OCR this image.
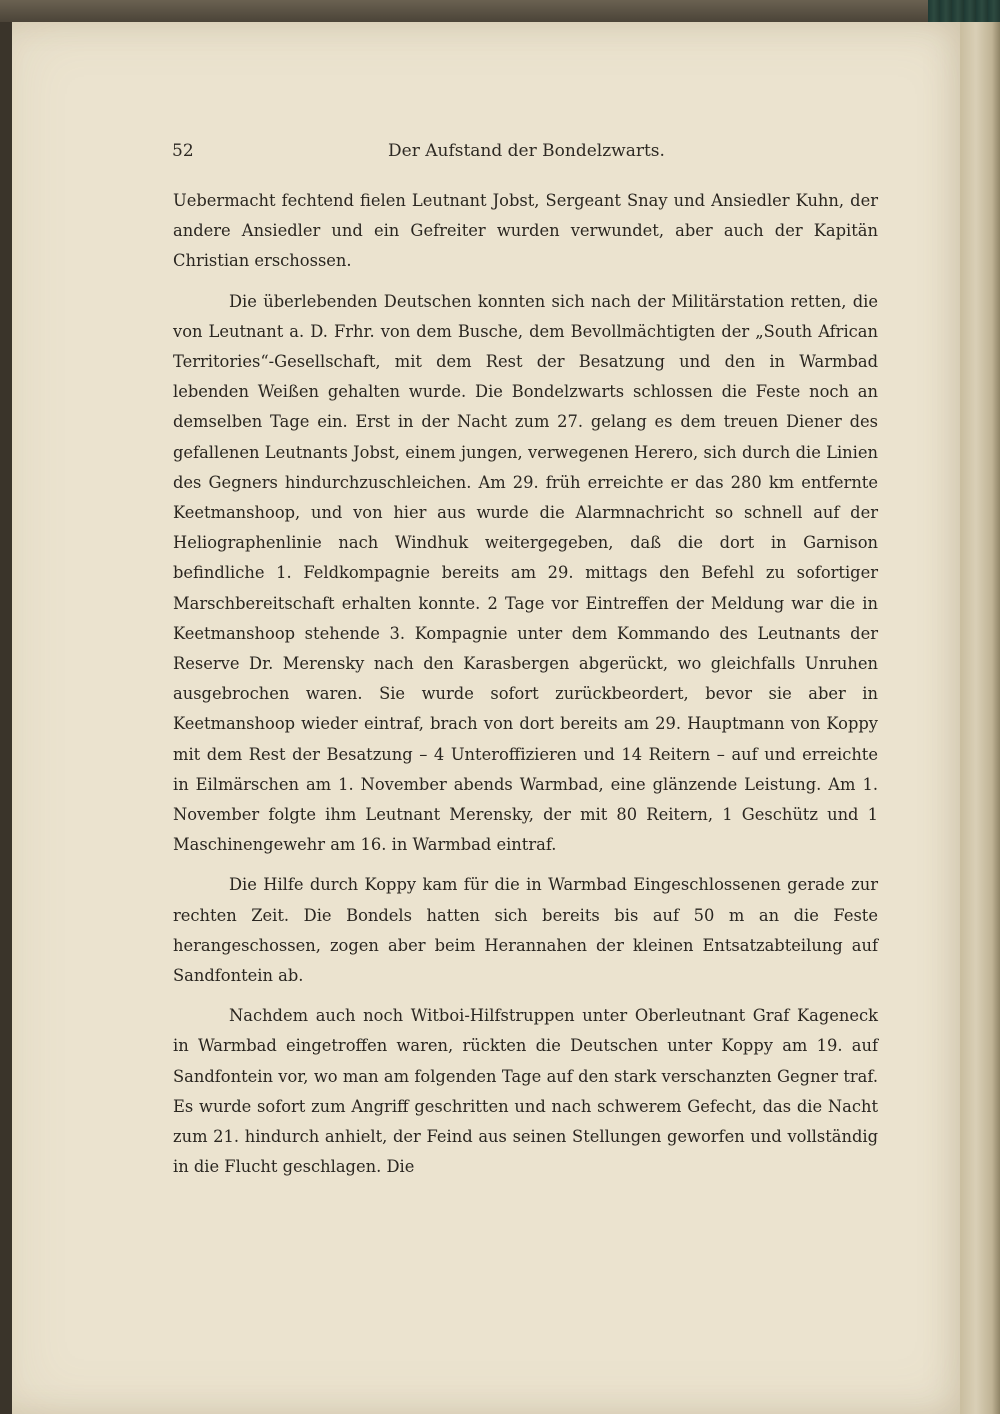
52	Der Aufstand der Bondelzwarts.

Uebermacht fechtend fielen Leutnant Jobst, Sergeant Snay und Ansiedler Kuhn, der andere Ansiedler und ein Gefreiter wurden verwundet, aber auch der Kapitän Christian erschossen.

Die überlebenden Deutschen konnten sich nach der Militärstation retten, die von Leutnant a. D. Frhr. von dem Busche, dem Bevollmächtigten der „South African Territories“-Gesellschaft, mit dem Rest der Besatzung und den in Warmbad lebenden Weißen gehalten wurde. Die Bondelzwarts schlossen die Feste noch an demselben Tage ein. Erst in der Nacht zum 27. gelang es dem treuen Diener des gefallenen Leutnants Jobst, einem jungen, verwegenen Herero, sich durch die Linien des Gegners hindurchzuschleichen. Am 29. früh erreichte er das 280 km entfernte Keetmanshoop, und von hier aus wurde die Alarmnachricht so schnell auf der Heliographenlinie nach Windhuk weitergegeben, daß die dort in Garnison befindliche 1. Feldkompagnie bereits am 29. mittags den Befehl zu sofortiger Marschbereitschaft erhalten konnte. 2 Tage vor Eintreffen der Meldung war die in Keetmanshoop stehende 3. Kompagnie unter dem Kommando des Leutnants der Reserve Dr. Merensky nach den Karasbergen abgerückt, wo gleichfalls Unruhen ausgebrochen waren. Sie wurde sofort zurückbeordert, bevor sie aber in Keetmanshoop wieder eintraf, brach von dort bereits am 29. Hauptmann von Koppy mit dem Rest der Besatzung – 4 Unteroffizieren und 14 Reitern – auf und erreichte in Eilmärschen am 1. November abends Warmbad, eine glänzende Leistung. Am 1. November folgte ihm Leutnant Merensky, der mit 80 Reitern, 1 Geschütz und 1 Maschinengewehr am 16. in Warmbad eintraf.

Die Hilfe durch Koppy kam für die in Warmbad Eingeschlossenen gerade zur rechten Zeit. Die Bondels hatten sich bereits bis auf 50 m an die Feste herangeschossen, zogen aber beim Herannahen der kleinen Entsatzabteilung auf Sandfontein ab.

Nachdem auch noch Witboi-Hilfstruppen unter Oberleutnant Graf Kageneck in Warmbad eingetroffen waren, rückten die Deutschen unter Koppy am 19. auf Sandfontein vor, wo man am folgenden Tage auf den stark verschanzten Gegner traf. Es wurde sofort zum Angriff geschritten und nach schwerem Gefecht, das die Nacht zum 21. hindurch anhielt, der Feind aus seinen Stellungen geworfen und vollständig in die Flucht geschlagen. Die
